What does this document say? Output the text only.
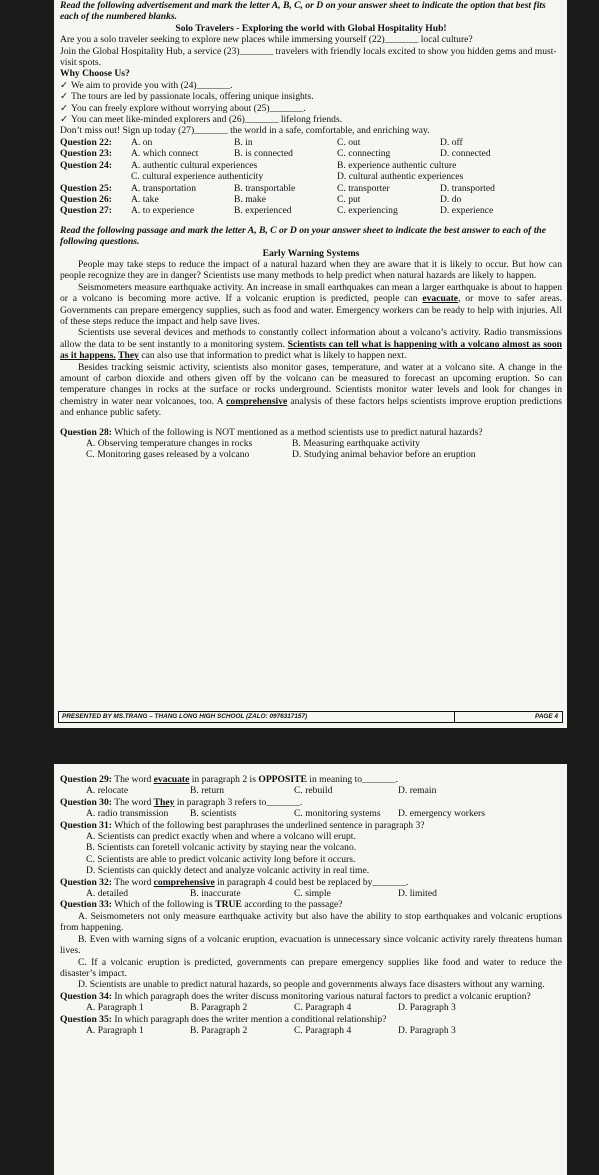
Read the following advertisement and mark the letter A, B, C, or D on your answer sheet to indicate the option that best fits each of the numbered blanks.

Solo Travelers - Exploring the world with Global Hospitality Hub!

Are you a solo traveler seeking to explore new places while immersing yourself (22)_______ local culture?

Join the Global Hospitality Hub, a service (23)_______ travelers with friendly locals excited to show you hidden gems and must-visit spots.

Why Choose Us?

✓ We aim to provide you with (24)_______.

✓ The tours are led by passionate locals, offering unique insights.

✓ You can freely explore without worrying about (25)_______.

✓ You can meet like-minded explorers and (26)_______ lifelong friends.

Don’t miss out! Sign up today (27)_______ the world in a safe, comfortable, and enriching way.

Question 22:	A. on	B. in	C. out	D. off
Question 23:	A. which connect	B. is connected	C. connecting	D. connected
Question 24:	A. authentic cultural experiences	B. experience authentic culture
C. cultural experience authenticity	D. cultural authentic experiences
Question 25:	A. transportation	B. transportable	C. transporter	D. transported
Question 26:	A. take	B. make	C. put	D. do
Question 27:	A. to experience	B. experienced	C. experiencing	D. experience

Read the following passage and mark the letter A, B, C or D on your answer sheet to indicate the best answer to each of the following questions.

Early Warning Systems

People may take steps to reduce the impact of a natural hazard when they are aware that it is likely to occur. But how can people recognize they are in danger? Scientists use many methods to help predict when natural hazards are likely to happen.

Seismometers measure earthquake activity. An increase in small earthquakes can mean a larger earthquake is about to happen or a volcano is becoming more active. If a volcanic eruption is predicted, people can evacuate, or move to safer areas. Governments can prepare emergency supplies, such as food and water. Emergency workers can be ready to help with injuries. All of these steps reduce the impact and help save lives.

Scientists use several devices and methods to constantly collect information about a volcano’s activity. Radio transmissions allow the data to be sent instantly to a monitoring system. Scientists can tell what is happening with a volcano almost as soon as it happens. They can also use that information to predict what is likely to happen next.

Besides tracking seismic activity, scientists also monitor gases, temperature, and water at a volcano site. A change in the amount of carbon dioxide and others given off by the volcano can be measured to forecast an upcoming eruption. So can temperature changes in rocks at the surface or rocks underground. Scientists monitor water levels and look for changes in chemistry in water near volcanoes, too. A comprehensive analysis of these factors helps scientists improve eruption predictions and enhance public safety.

Question 28: Which of the following is NOT mentioned as a method scientists use to predict natural hazards?

A. Observing temperature changes in rocks	B. Measuring earthquake activity
C. Monitoring gases released by a volcano	D. Studying animal behavior before an eruption
PRESENTED BY MS.TRANG – THANG LONG HIGH SCHOOL (ZALO: 0976317157)	PAGE 4

Question 29: The word evacuate in paragraph 2 is OPPOSITE in meaning to_______.

A. relocate	B. return	C. rebuild	D. remain

Question 30: The word They in paragraph 3 refers to_______.

A. radio transmission	B. scientists	C. monitoring systems	D. emergency workers

Question 31: Which of the following best paraphrases the underlined sentence in paragraph 3?

A. Scientists can predict exactly when and where a volcano will erupt.

B. Scientists can foretell volcanic activity by staying near the volcano.

C. Scientists are able to predict volcanic activity long before it occurs.

D. Scientists can quickly detect and analyze volcanic activity in real time.

Question 32: The word comprehensive in paragraph 4 could best be replaced by_______.

A. detailed	B. inaccurate	C. simple	D. limited

Question 33: Which of the following is TRUE according to the passage?

A. Seismometers not only measure earthquake activity but also have the ability to stop earthquakes and volcanic eruptions from happening.

B. Even with warning signs of a volcanic eruption, evacuation is unnecessary since volcanic activity rarely threatens human lives.

C. If a volcanic eruption is predicted, governments can prepare emergency supplies like food and water to reduce the disaster’s impact.

D. Scientists are unable to predict natural hazards, so people and governments always face disasters without any warning.

Question 34: In which paragraph does the writer discuss monitoring various natural factors to predict a volcanic eruption?

A. Paragraph 1	B. Paragraph 2	C. Paragraph 4	D. Paragraph 3

Question 35: In which paragraph does the writer mention a conditional relationship?

A. Paragraph 1	B. Paragraph 2	C. Paragraph 4	D. Paragraph 3
